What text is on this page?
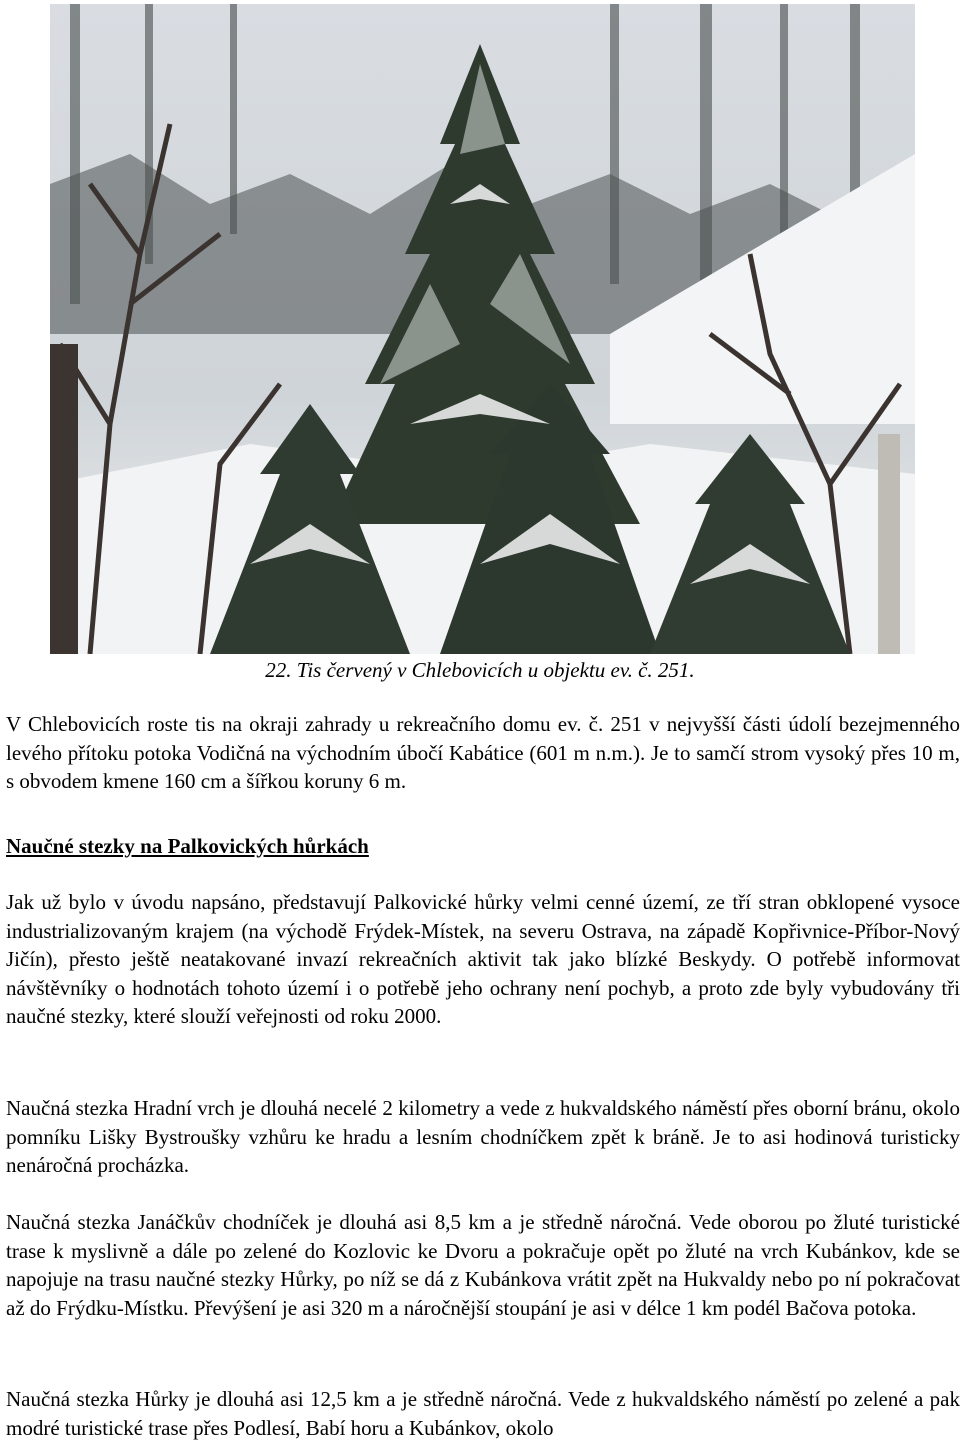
22. Tis červený v Chlebovicích u objektu ev. č. 251.

V Chlebovicích roste tis na okraji zahrady u rekreačního domu ev. č. 251 v nejvyšší části údolí bezejmenného levého přítoku potoka Vodičná na východním úbočí Kabátice (601 m n.m.). Je to samčí strom vysoký přes 10 m, s obvodem kmene 160 cm a šířkou koruny 6 m.

Naučné stezky na Palkovických hůrkách

Jak už bylo v úvodu napsáno, představují Palkovické hůrky velmi cenné území, ze tří stran obklopené vysoce industrializovaným krajem (na východě Frýdek-Místek, na severu Ostrava, na západě Kopřivnice-Příbor-Nový Jičín), přesto ještě neatakované invazí rekreačních aktivit tak jako blízké Beskydy. O potřebě informovat návštěvníky o hodnotách tohoto území i o potřebě jeho ochrany není pochyb, a proto zde byly vybudovány tři naučné stezky, které slouží veřejnosti od roku 2000.

Naučná stezka Hradní vrch je dlouhá necelé 2 kilometry a vede z hukvaldského náměstí přes oborní bránu, okolo pomníku Lišky Bystroušky vzhůru ke hradu a lesním chodníčkem zpět k bráně. Je to asi hodinová turisticky nenáročná procházka.

Naučná stezka Janáčkův chodníček je dlouhá asi 8,5 km a je středně náročná. Vede oborou po žluté turistické trase k myslivně a dále po zelené do Kozlovic ke Dvoru a pokračuje opět po žluté na vrch Kubánkov, kde se napojuje na trasu naučné stezky Hůrky, po níž se dá z Kubánkova vrátit zpět na Hukvaldy nebo po ní pokračovat až do Frýdku-Místku. Převýšení je asi 320 m a náročnější stoupání je asi v délce 1 km podél Bačova potoka.

Naučná stezka Hůrky je dlouhá asi 12,5 km a je středně náročná. Vede z hukvaldského náměstí po zelené a pak modré turistické trase přes Podlesí, Babí horu a Kubánkov, okolo
